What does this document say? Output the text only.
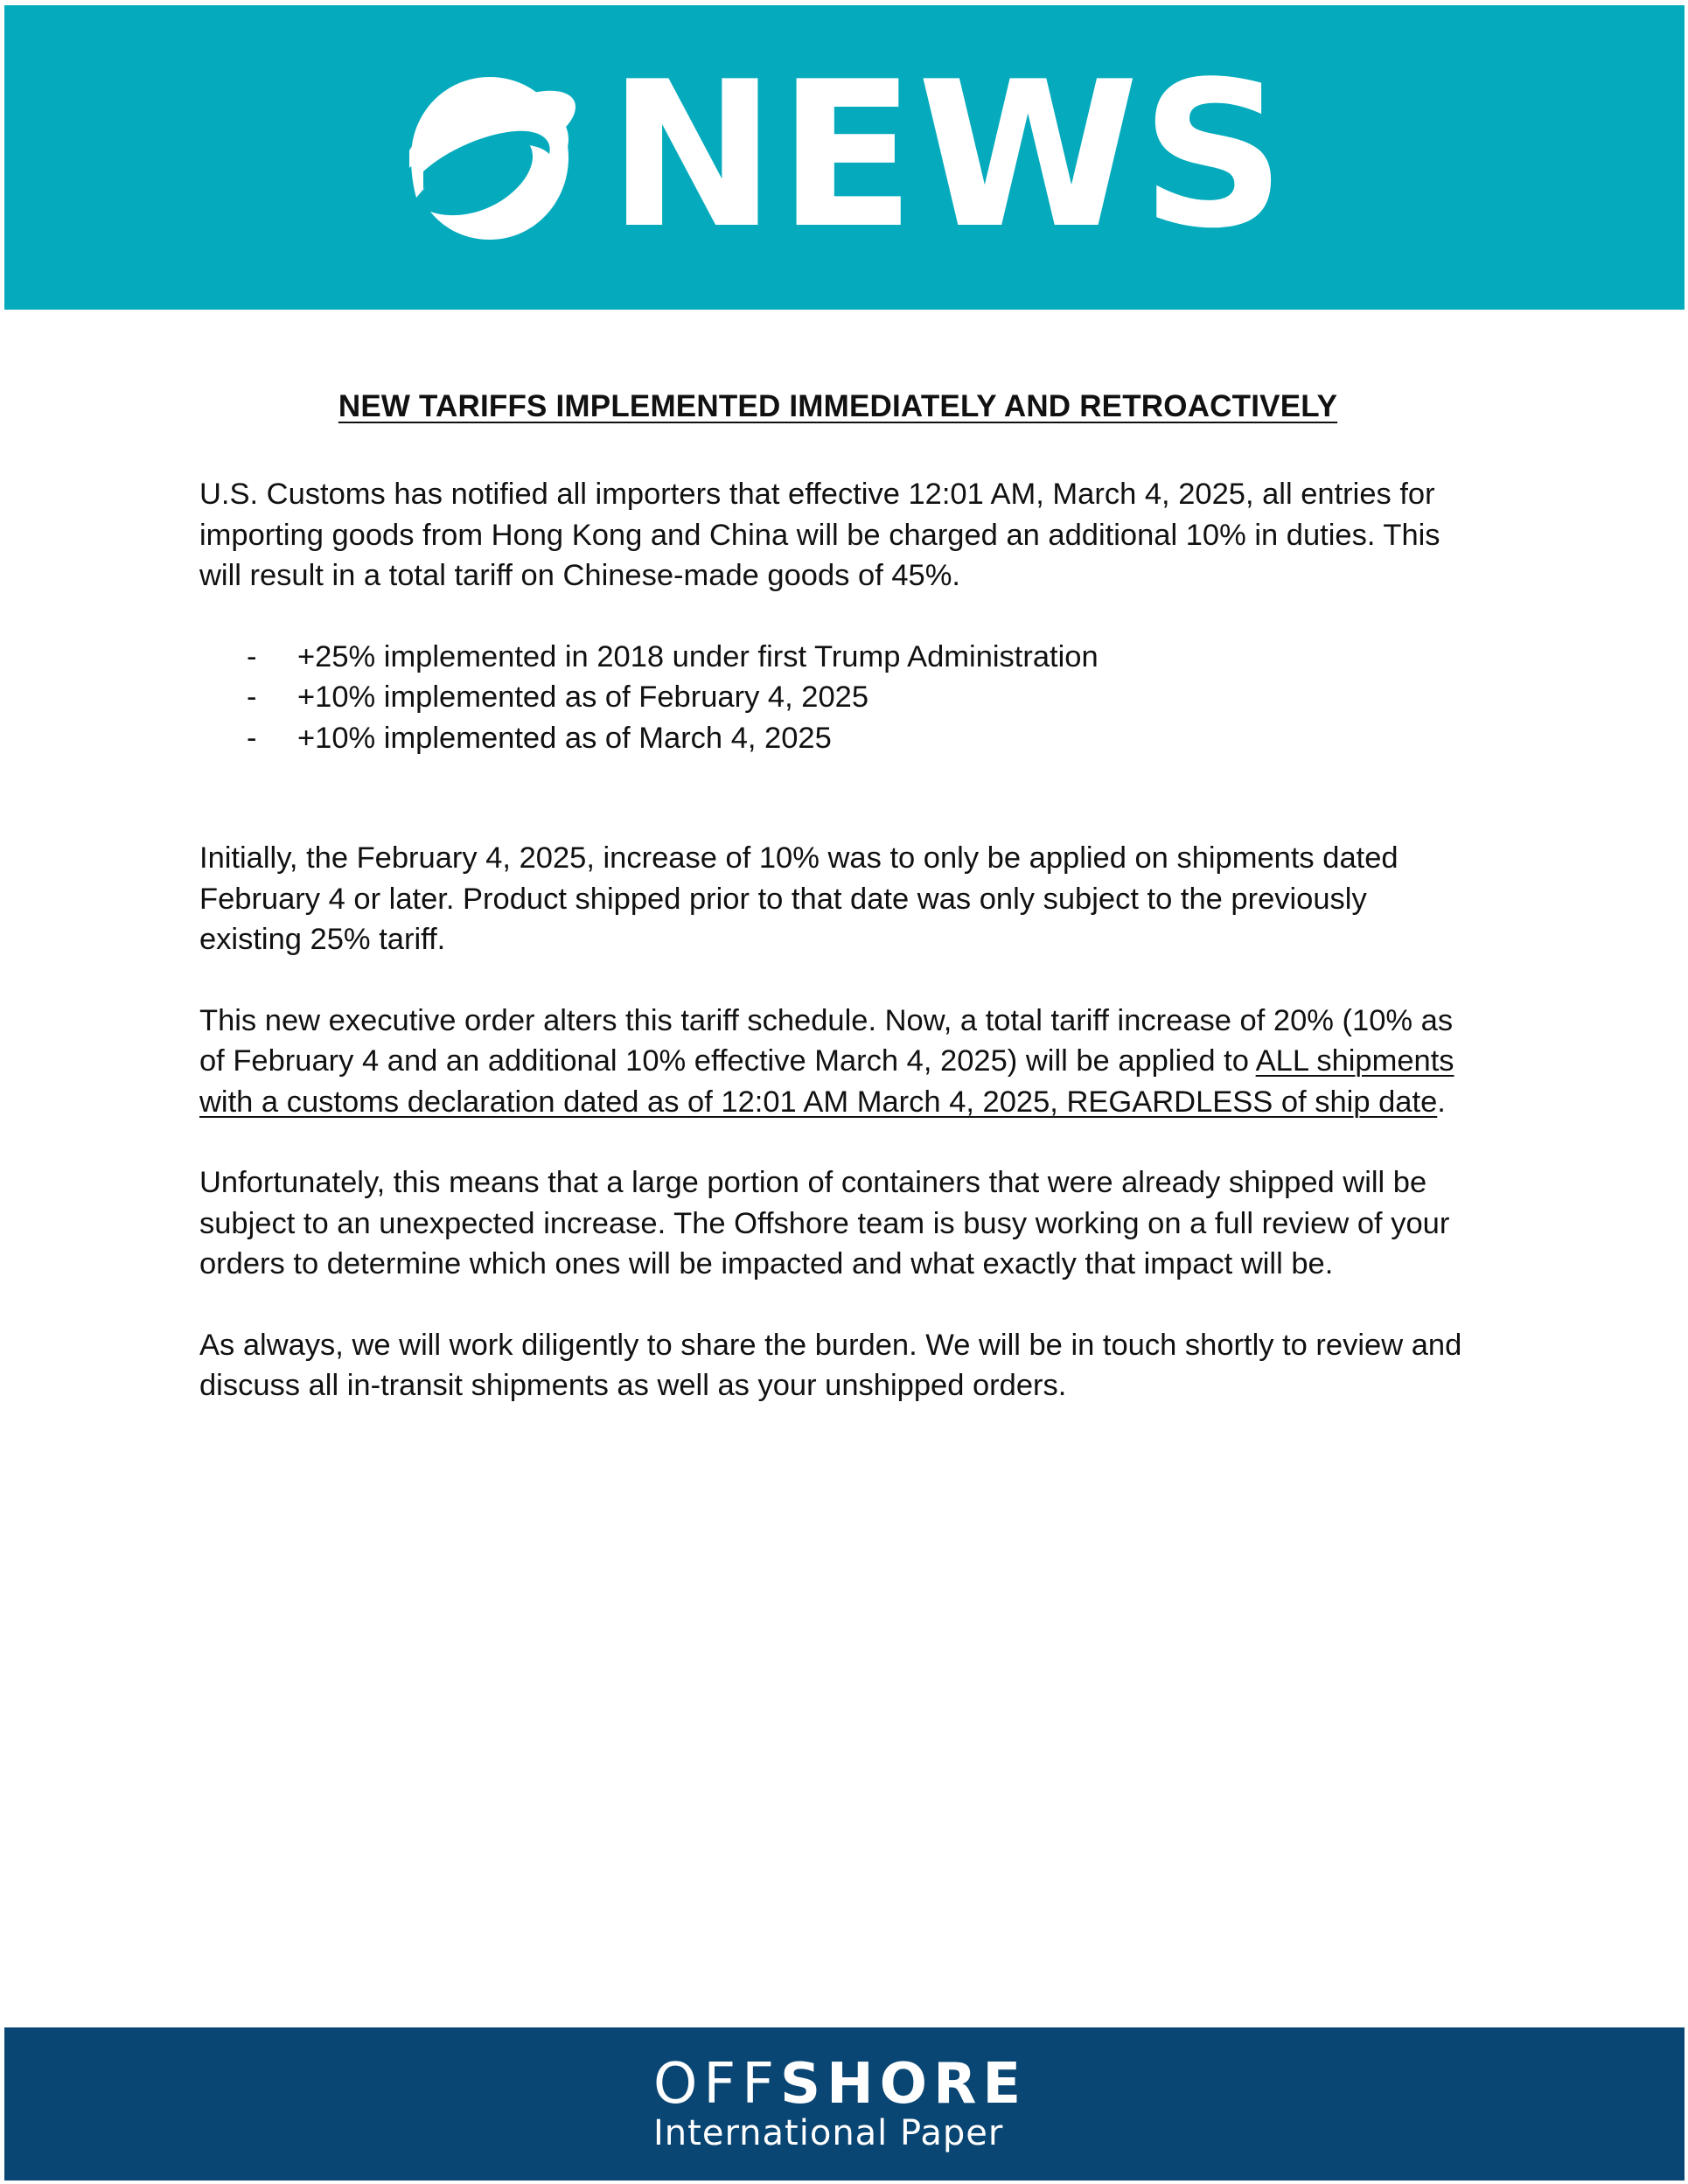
NEWS
NEW TARIFFS IMPLEMENTED IMMEDIATELY AND RETROACTIVELY

U.S. Customs has notified all importers that effective 12:01 AM, March 4, 2025, all entries for importing goods from Hong Kong and China will be charged an additional 10% in duties. This will result in a total tariff on Chinese-made goods of 45%.

- +25% implemented in 2018 under first Trump Administration
- +10% implemented as of February 4, 2025
- +10% implemented as of March 4, 2025

Initially, the February 4, 2025, increase of 10% was to only be applied on shipments dated February 4 or later. Product shipped prior to that date was only subject to the previously existing 25% tariff.

This new executive order alters this tariff schedule. Now, a total tariff increase of 20% (10% as of February 4 and an additional 10% effective March 4, 2025) will be applied to ALL shipments with a customs declaration dated as of 12:01 AM March 4, 2025, REGARDLESS of ship date.

Unfortunately, this means that a large portion of containers that were already shipped will be subject to an unexpected increase. The Offshore team is busy working on a full review of your orders to determine which ones will be impacted and what exactly that impact will be.

As always, we will work diligently to share the burden. We will be in touch shortly to review and discuss all in-transit shipments as well as your unshipped orders.

OFFSHORE
International Paper
